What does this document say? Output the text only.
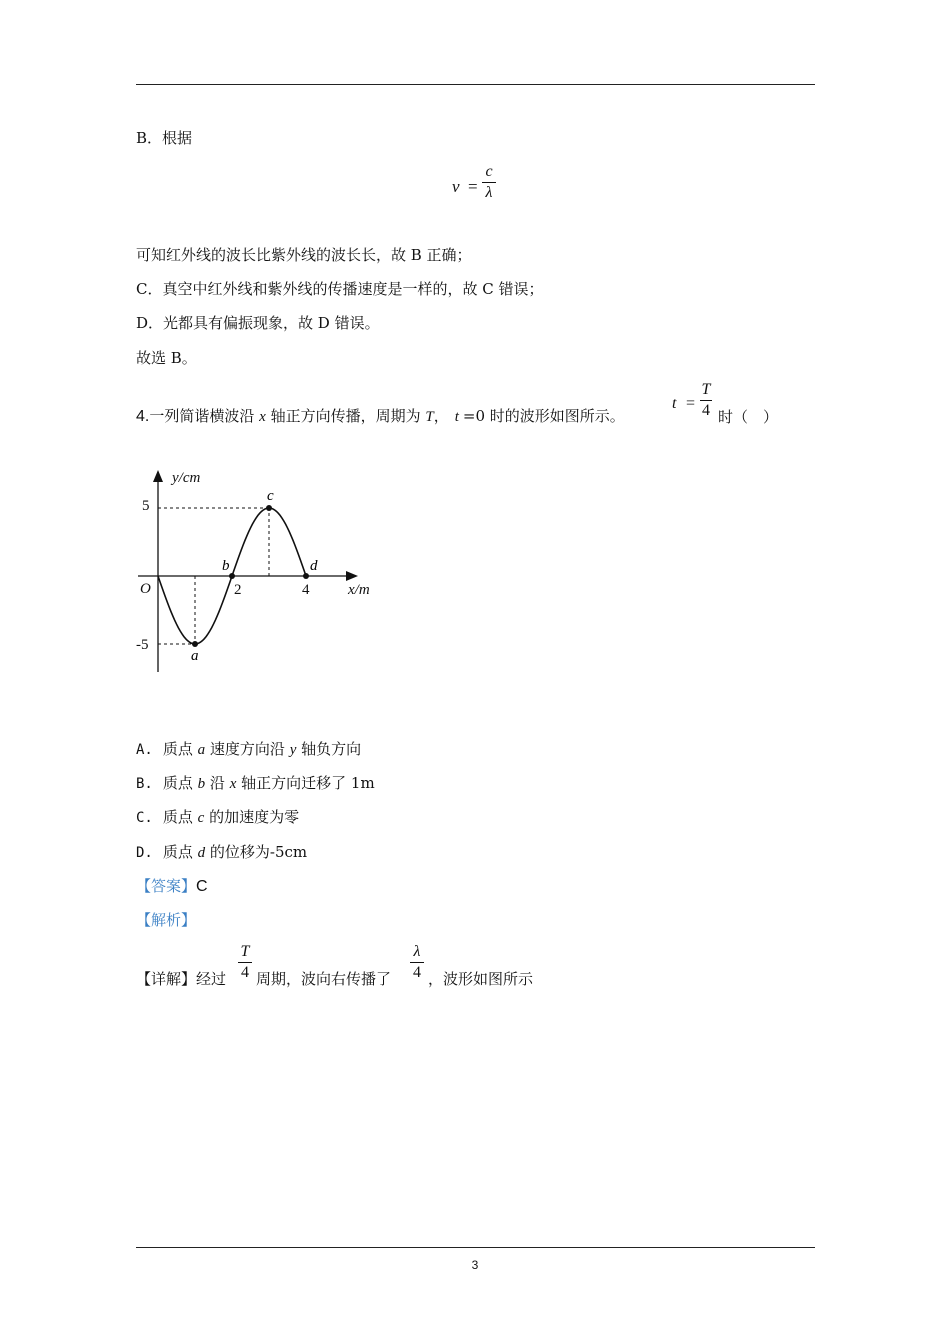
B．根据
ν =
c
λ
可知红外线的波长比紫外线的波长长，故 B 正确；
C．真空中红外线和紫外线的传播速度是一样的，故 C 错误；
D．光都具有偏振现象，故 D 错误。
故选 B。
4.一列简谐横波沿 x 轴正方向传播，周期为 T， t =0 时的波形如图所示。
t =
T
4 时（　）
y/cm
x/m
O
5
-5
2	4
a
b
c
d
A. 质点 a 速度方向沿 y 轴负方向
B. 质点 b 沿 x 轴正方向迁移了 1m
C. 质点 c 的加速度为零
D. 质点 d 的位移为-5cm
【答案】C
【解析】
【详解】经过
T
4 周期，波向右传播了
λ
4 ，波形如图所示
3
